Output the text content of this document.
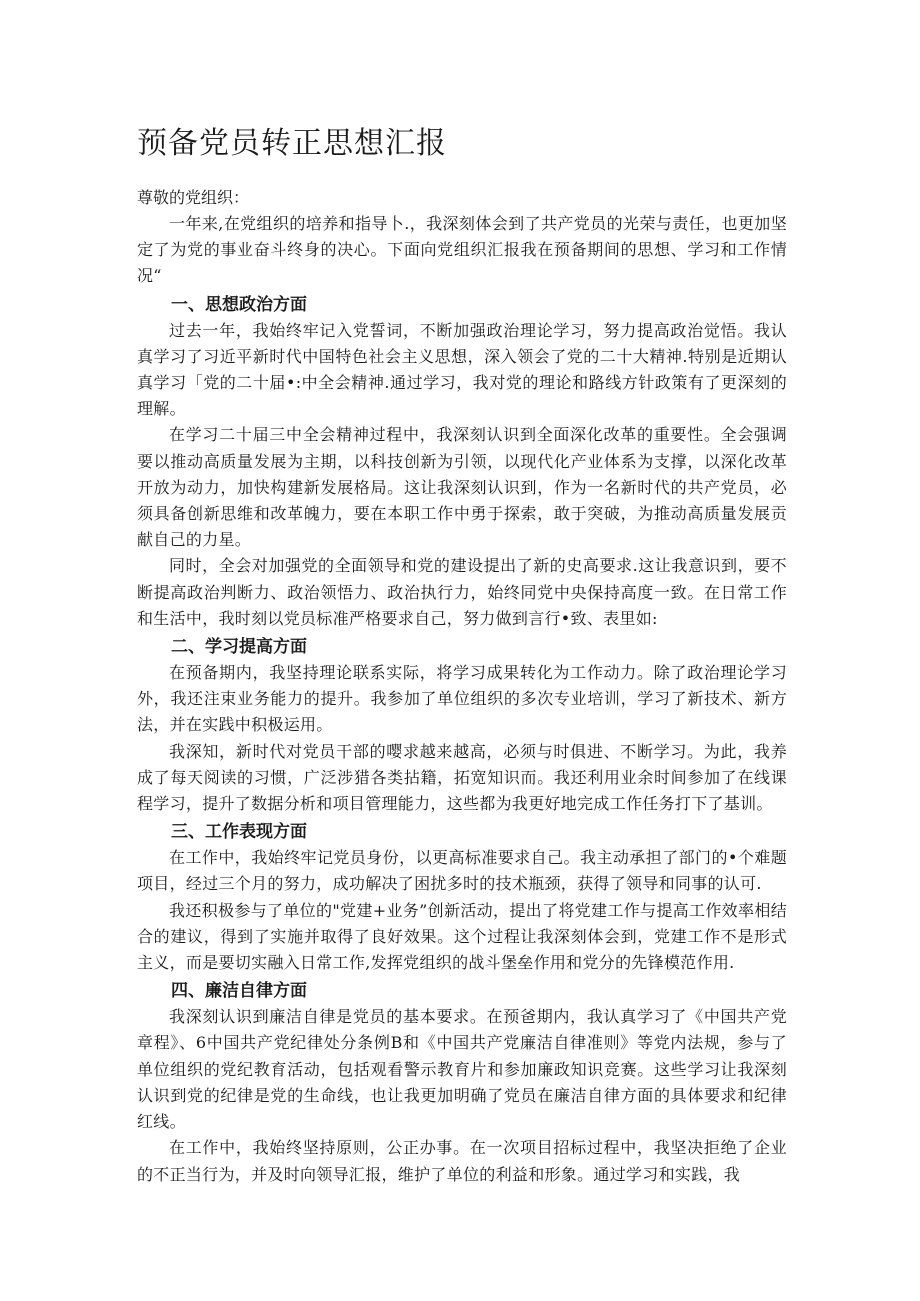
预备党员转正思想汇报

尊敬的党组织：

一年来,在党组织的培养和指导卜.，我深刻体会到了共产党员的光荣与责任，也更加坚定了为党的事业奋斗终身的决心。下面向党组织汇报我在预备期间的思想、学习和工作情况“

一、思想政治方面

过去一年，我始终牢记入党誓词，不断加强政治理论学习，努力提高政治觉悟。我认真学习了习近平新时代中国特色社会主义思想，深入领会了党的二十大精神.特别是近期认真学习「党的二十届•:中全会精神.通过学习，我对党的理论和路线方针政策有了更深刻的理解。

在学习二十届三中全会精神过程中，我深刻认识到全面深化改革的重要性。全会强调要以推动高质量发展为主期，以科技创新为引领，以现代化产业体系为支撑，以深化改革开放为动力，加快构建新发展格局。这让我深刻认识到，作为一名新时代的共产党员，必须具备创新思维和改革魄力，要在本职工作中勇于探索，敢于突破，为推动高质量发展贡献自己的力星。

同时，全会对加强党的全面领导和党的建设提出了新的史高要求.这让我意识到，要不断提高政治判断力、政治领悟力、政治执行力，始终同党中央保持高度一致。在日常工作和生活中，我时刻以党员标准严格要求自己，努力做到言行•致、表里如:

二、学习提高方面

在预备期内，我坚持理论联系实际，将学习成果转化为工作动力。除了政治理论学习外，我还注束业务能力的提升。我参加了单位组织的多次专业培训，学习了新技术、新方法，并在实践中积极运用。

我深知，新时代对党员干部的嘤求越来越高，必须与时俱进、不断学习。为此，我养成了每天阅读的习惯，广泛涉猎各类拈籍，拓宽知识而。我还利用业余时间参加了在线课程学习，提升了数据分析和项目管理能力，这些都为我更好地完成工作任务打下了基训。

三、工作表现方面

在工作中，我始终牢记党员身份，以更高标准要求自己。我主动承担了部门的•个难题项目，经过三个月的努力，成功解决了困扰多时的技术瓶颈，获得了领导和同事的认可.

我还积极参与了单位的"党建+业务”创新活动，提出了将党建工作与提高工作效率相结合的建议，得到了实施并取得了良好效果。这个过程让我深刻体会到，党建工作不是形式主义，而是要切实融入日常工作,发挥党组织的战斗堡垒作用和党分的先锋模范作用.

四、廉洁自律方面

我深刻认识到廉洁自律是党员的基本要求。在预爸期内，我认真学习了《中国共产党章程》、6中国共产党纪律处分条例B和《中国共产党廉洁自律准则》等党内法规，参与了单位组织的党纪教育活动，包括观看警示教育片和参加廉政知识竞赛。这些学习让我深刻认识到党的纪律是党的生命线，也让我更加明确了党员在廉洁自律方面的具体要求和纪律红线。

在工作中，我始终坚持原则，公正办事。在一次项目招标过程中，我坚决拒绝了企业的不正当行为，并及时向领导汇报，维护了单位的利益和形象。通过学习和实践，我
